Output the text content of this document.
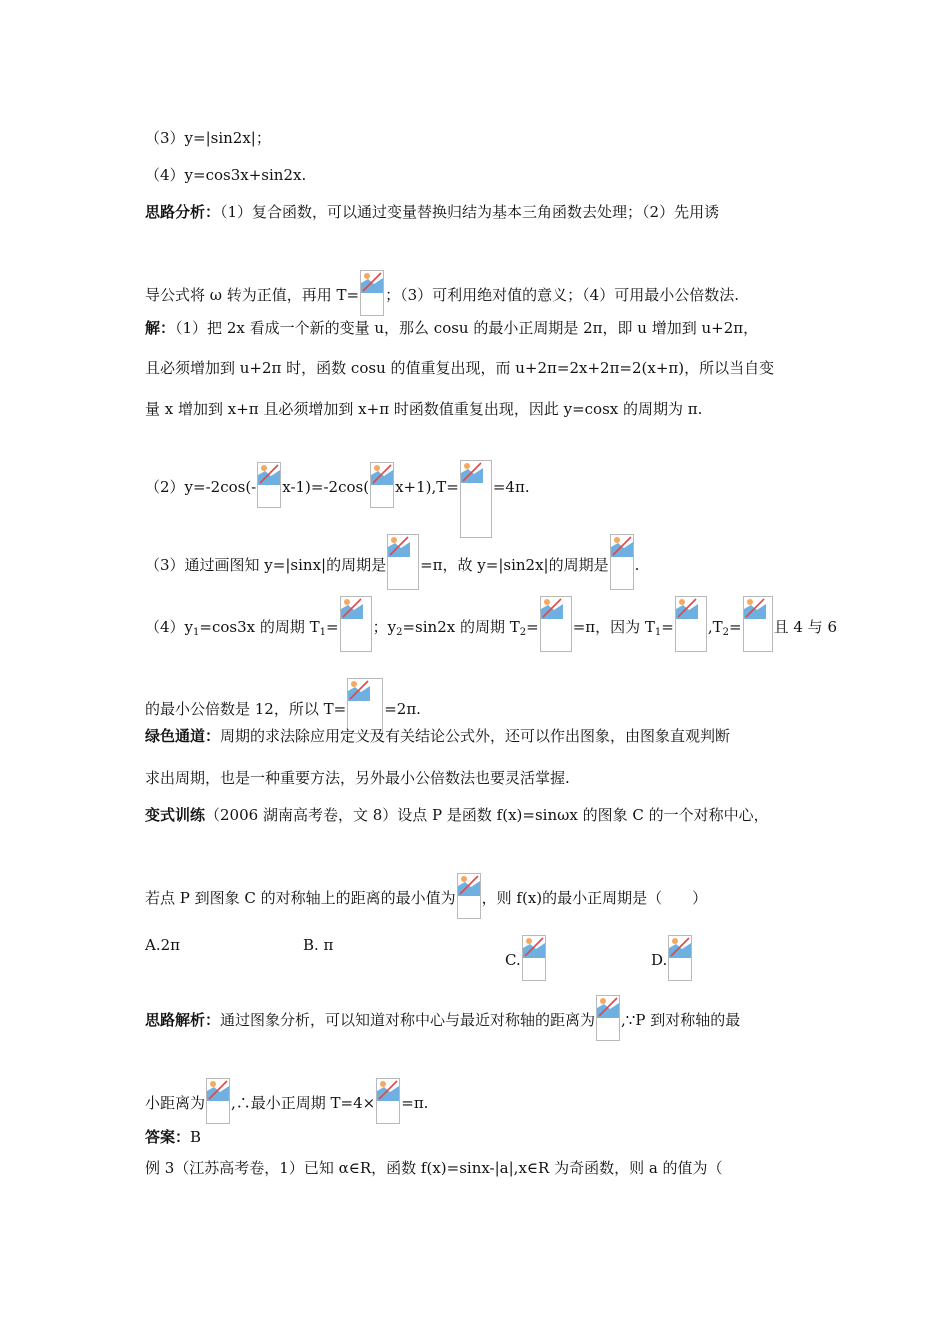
（3）y=|sin2x|；
（4）y=cos3x+sin2x.
思路分析：（1）复合函数，可以通过变量替换归结为基本三角函数去处理；（2）先用诱
导公式将 ω 转为正值，再用 T= ；（3）可利用绝对值的意义；（4）可用最小公倍数法.
解：（1）把 2x 看成一个新的变量 u，那么 cosu 的最小正周期是 2π，即 u 增加到 u+2π，
且必须增加到 u+2π 时，函数 cosu 的值重复出现，而 u+2π=2x+2π=2(x+π)，所以当自变
量 x 增加到 x+π 且必须增加到 x+π 时函数值重复出现，因此 y=cosx 的周期为 π.
（2）y=-2cos(- x-1)=-2cos( x+1),T= =4π.
（3）通过画图知 y=|sinx|的周期是 =π，故 y=|sin2x|的周期是 .
$(4)y_1=\cos 3x$ 的周期 $T_1=$ ；$y_2=\sin 2x$ 的周期 $T_2= =\pi$，因为 $T_1= ,T_2=$ 且 4 与 6
的最小公倍数是 12，所以 T=	=2π.
绿色通道：周期的求法除应用定义及有关结论公式外，还可以作出图象，由图象直观判断
求出周期，也是一种重要方法，另外最小公倍数法也要灵活掌握.
变式训练（2006 湖南高考卷，文 8）设点 P 是函数 f(x)=sinωx 的图象 C 的一个对称中心，
若点 P 到图象 C 的对称轴上的距离的最小值为 ，则 f(x)的最小正周期是（　　）
A.2π	B. π
C.	D.
思路解析：通过图象分析，可以知道对称中心与最近对称轴的距离为 ,∵P 到对称轴的最
小距离为 ,∴最小正周期 T=4× =π.
答案：B
例 3（江苏高考卷，1）已知 α∈R，函数 f(x)=sinx-|a|,x∈R 为奇函数，则 a 的值为（
